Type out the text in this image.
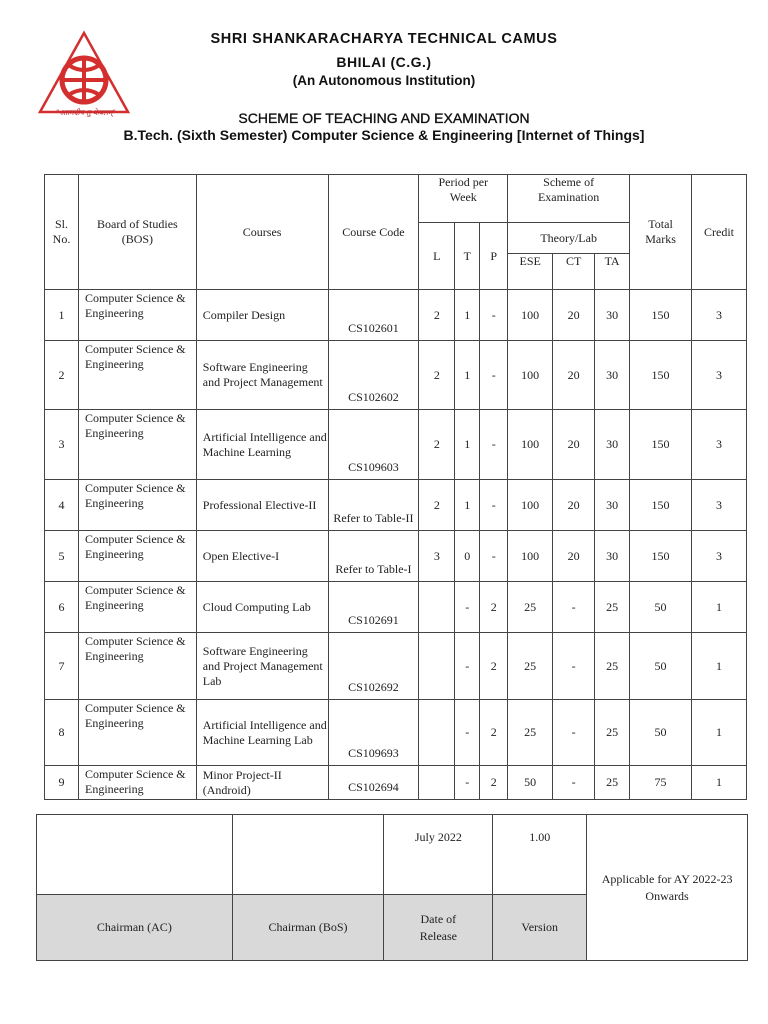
"आत्मदीप तु केवलम्"
SHRI SHANKARACHARYA TECHNICAL CAMUS
BHILAI (C.G.)
(An Autonomous Institution)
SCHEME OF TEACHING AND EXAMINATION
B.Tech. (Sixth Semester) Computer Science & Engineering [Internet of Things]
Sl. No.	Board of Studies (BOS)	Courses	Course Code	Period per Week			Scheme of Examination			Total Marks	Credit
				L	T	P	Theory/Lab				
							ESE	CT	TA		
1	Computer Science & Engineering	Compiler Design	CS102601	2	1	-	100	20	30	150	3
2	Computer Science & Engineering	Software Engineering and Project Management	CS102602	2	1	-	100	20	30	150	3
3	Computer Science & Engineering	Artificial Intelligence and Machine Learning	CS109603	2	1	-	100	20	30	150	3
4	Computer Science & Engineering	Professional Elective-II	Refer to Table-II	2	1	-	100	20	30	150	3
5	Computer Science & Engineering	Open Elective-I	Refer to Table-I	3	0	-	100	20	30	150	3
6	Computer Science & Engineering	Cloud Computing Lab	CS102691		-	2	25	-	25	50	1
7	Computer Science & Engineering	Software Engineering and Project Management Lab	CS102692		-	2	25	-	25	50	1
8	Computer Science & Engineering	Artificial Intelligence and Machine Learning Lab	CS109693		-	2	25	-	25	50	1
9	Computer Science & Engineering	Minor Project-II (Android)	CS102694		-	2	50	-	25	75	1
		July 2022	1.00	Applicable for AY 2022-23 Onwards
Chairman (AC)	Chairman (BoS)	Date of Release	Version	
